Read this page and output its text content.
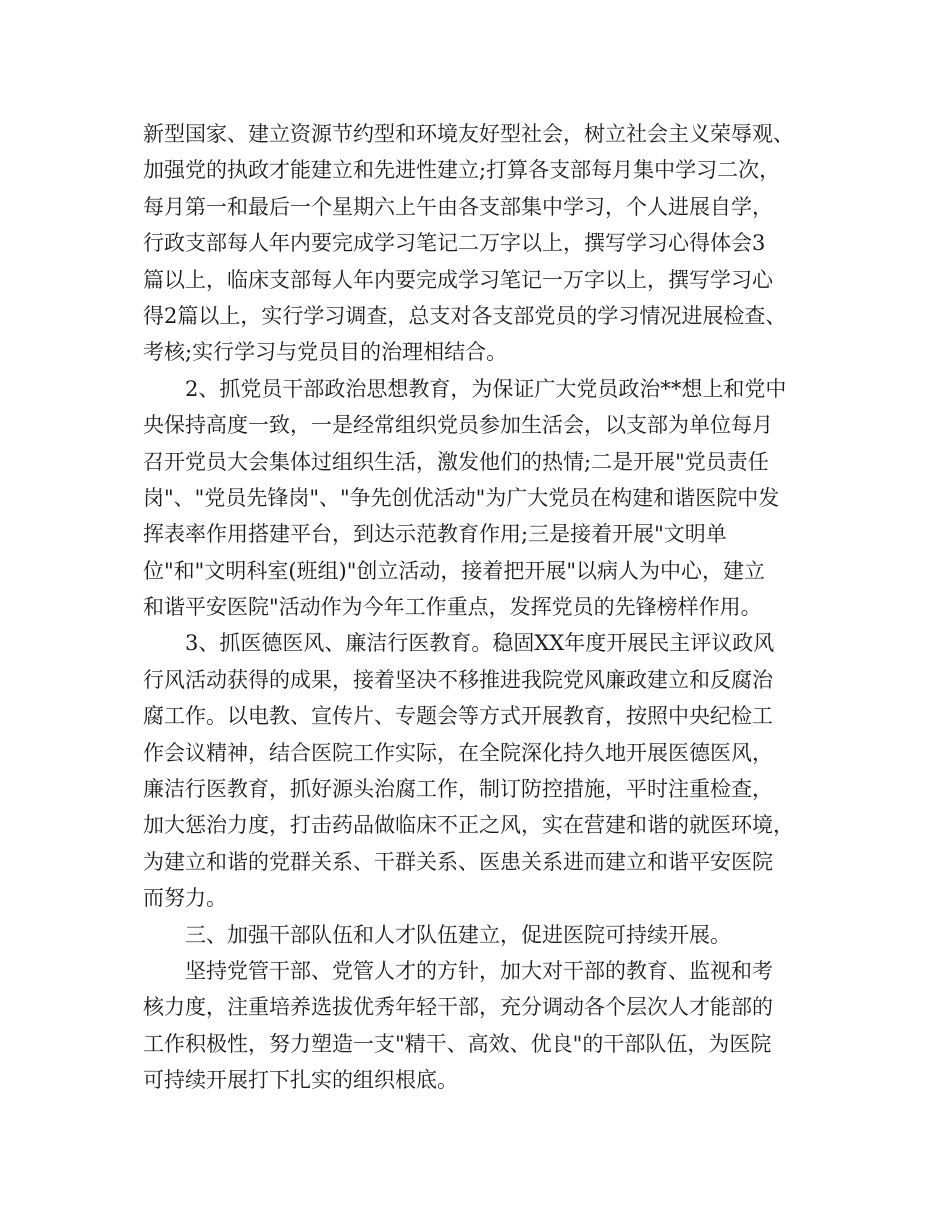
新型国家、建立资源节约型和环境友好型社会，树立社会主义荣辱观、
加强党的执政才能建立和先进性建立;打算各支部每月集中学习二次，
每月第一和最后一个星期六上午由各支部集中学习，个人进展自学，
行政支部每人年内要完成学习笔记二万字以上，撰写学习心得体会3
篇以上，临床支部每人年内要完成学习笔记一万字以上，撰写学习心
得2篇以上，实行学习调查，总支对各支部党员的学习情况进展检查、
考核;实行学习与党员目的治理相结合。
2、抓党员干部政治思想教育，为保证广大党员政治**想上和党中
央保持高度一致，一是经常组织党员参加生活会，以支部为单位每月
召开党员大会集体过组织生活，激发他们的热情;二是开展"党员责任
岗"、"党员先锋岗"、"争先创优活动"为广大党员在构建和谐医院中发
挥表率作用搭建平台，到达示范教育作用;三是接着开展"文明单
位"和"文明科室(班组)"创立活动，接着把开展"以病人为中心，建立
和谐平安医院"活动作为今年工作重点，发挥党员的先锋榜样作用。
3、抓医德医风、廉洁行医教育。稳固XX年度开展民主评议政风
行风活动获得的成果，接着坚决不移推进我院党风廉政建立和反腐治
腐工作。以电教、宣传片、专题会等方式开展教育，按照中央纪检工
作会议精神，结合医院工作实际，在全院深化持久地开展医德医风，
廉洁行医教育，抓好源头治腐工作，制订防控措施，平时注重检查，
加大惩治力度，打击药品做临床不正之风，实在营建和谐的就医环境，
为建立和谐的党群关系、干群关系、医患关系进而建立和谐平安医院
而努力。
三、加强干部队伍和人才队伍建立，促进医院可持续开展。
坚持党管干部、党管人才的方针，加大对干部的教育、监视和考
核力度，注重培养选拔优秀年轻干部，充分调动各个层次人才能部的
工作积极性，努力塑造一支"精干、高效、优良"的干部队伍，为医院
可持续开展打下扎实的组织根底。
